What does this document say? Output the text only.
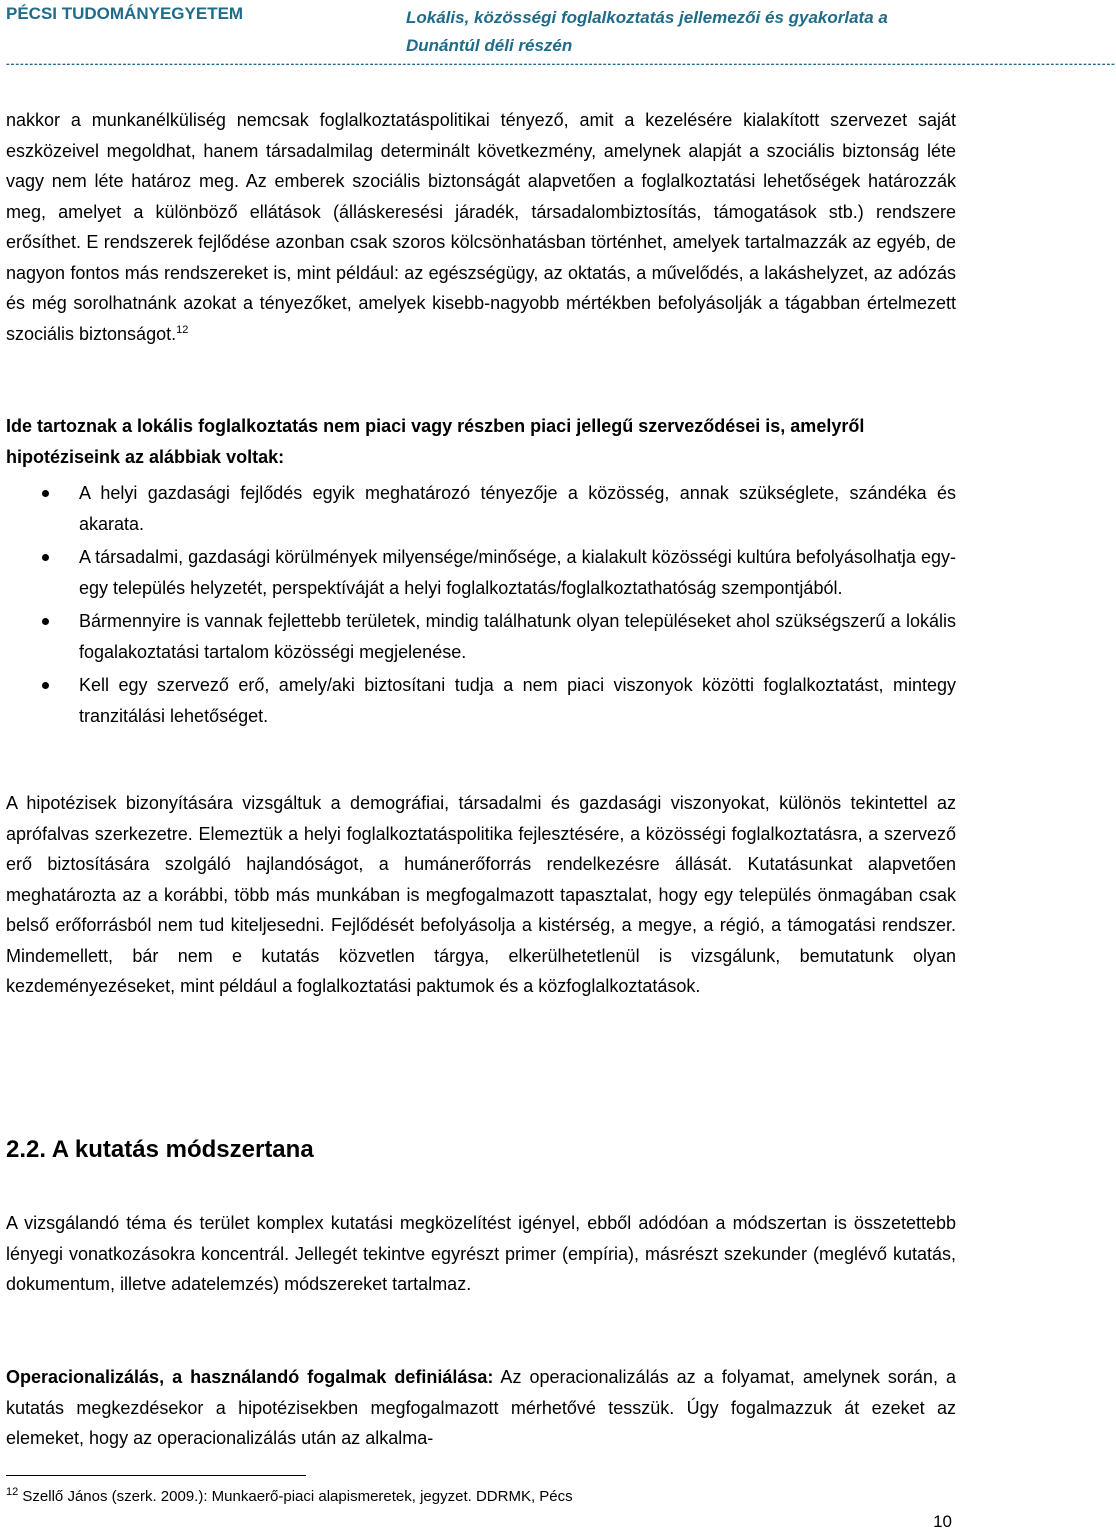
PÉCSI TUDOMÁNYEGYETEM	Lokális, közösségi foglalkoztatás jellemezői és gyakorlata a Dunántúl déli részén
----------------------------------------------------------------------------------------------------------------------------------------------------------------------------------------------------------------------------------------------
nakkor a munkanélküliség nemcsak foglalkoztatáspolitikai tényező, amit a kezelésére kialakított szervezet saját eszközeivel megoldhat, hanem társadalmilag determinált következmény, amelynek alapját a szociális biztonság léte vagy nem léte határoz meg. Az emberek szociális biztonságát alapvetően a foglalkoztatási lehetőségek határozzák meg, amelyet a különböző ellátások (álláskeresési járadék, társadalombiztosítás, támogatások stb.) rendszere erősíthet. E rendszerek fejlődése azonban csak szoros kölcsönhatásban történhet, amelyek tartalmazzák az egyéb, de nagyon fontos más rendszereket is, mint például: az egészségügy, az oktatás, a művelődés, a lakáshelyzet, az adózás és még sorolhatnánk azokat a tényezőket, amelyek kisebb-nagyobb mértékben befolyásolják a tágabban értelmezett szociális biztonságot.$^{12}$
Ide tartoznak a lokális foglalkoztatás nem piaci vagy részben piaci jellegű szerveződései is, amelyről hipotéziseink az alábbiak voltak:
A helyi gazdasági fejlődés egyik meghatározó tényezője a közösség, annak szükséglete, szándéka és akarata.
A társadalmi, gazdasági körülmények milyensége/minősége, a kialakult közösségi kultúra befolyásolhatja egy-egy település helyzetét, perspektíváját a helyi foglalkoztatás/foglalkoztathatóság szempontjából.
Bármennyire is vannak fejlettebb területek, mindig találhatunk olyan településeket ahol szükségszerű a lokális fogalakoztatási tartalom közösségi megjelenése.
Kell egy szervező erő, amely/aki biztosítani tudja a nem piaci viszonyok közötti foglalkoztatást, mintegy tranzitálási lehetőséget.
A hipotézisek bizonyítására vizsgáltuk a demográfiai, társadalmi és gazdasági viszonyokat, különös tekintettel az aprófalvas szerkezetre. Elemeztük a helyi foglalkoztatáspolitika fejlesztésére, a közösségi foglalkoztatásra, a szervező erő biztosítására szolgáló hajlandóságot, a humánerőforrás rendelkezésre állását. Kutatásunkat alapvetően meghatározta az a korábbi, több más munkában is megfogalmazott tapasztalat, hogy egy település önmagában csak belső erőforrásból nem tud kiteljesedni. Fejlődését befolyásolja a kistérség, a megye, a régió, a támogatási rendszer. Mindemellett, bár nem e kutatás közvetlen tárgya, elkerülhetetlenül is vizsgálunk, bemutatunk olyan kezdeményezéseket, mint például a foglalkoztatási paktumok és a közfoglalkoztatások.
2.2. A kutatás módszertana
A vizsgálandó téma és terület komplex kutatási megközelítést igényel, ebből adódóan a módszertan is összetettebb lényegi vonatkozásokra koncentrál. Jellegét tekintve egyrészt primer (empíria), másrészt szekunder (meglévő kutatás, dokumentum, illetve adatelemzés) módszereket tartalmaz.
Operacionalizálás, a használandó fogalmak definiálása: Az operacionalizálás az a folyamat, amelynek során, a kutatás megkezdésekor a hipotézisekben megfogalmazott mérhetővé tesszük. Úgy fogalmazzuk át ezeket az elemeket, hogy az operacionalizálás után az alkalma-
$^{12}$ Szellő János (szerk. 2009.): Munkaerő-piaci alapismeretek, jegyzet. DDRMK, Pécs
10
